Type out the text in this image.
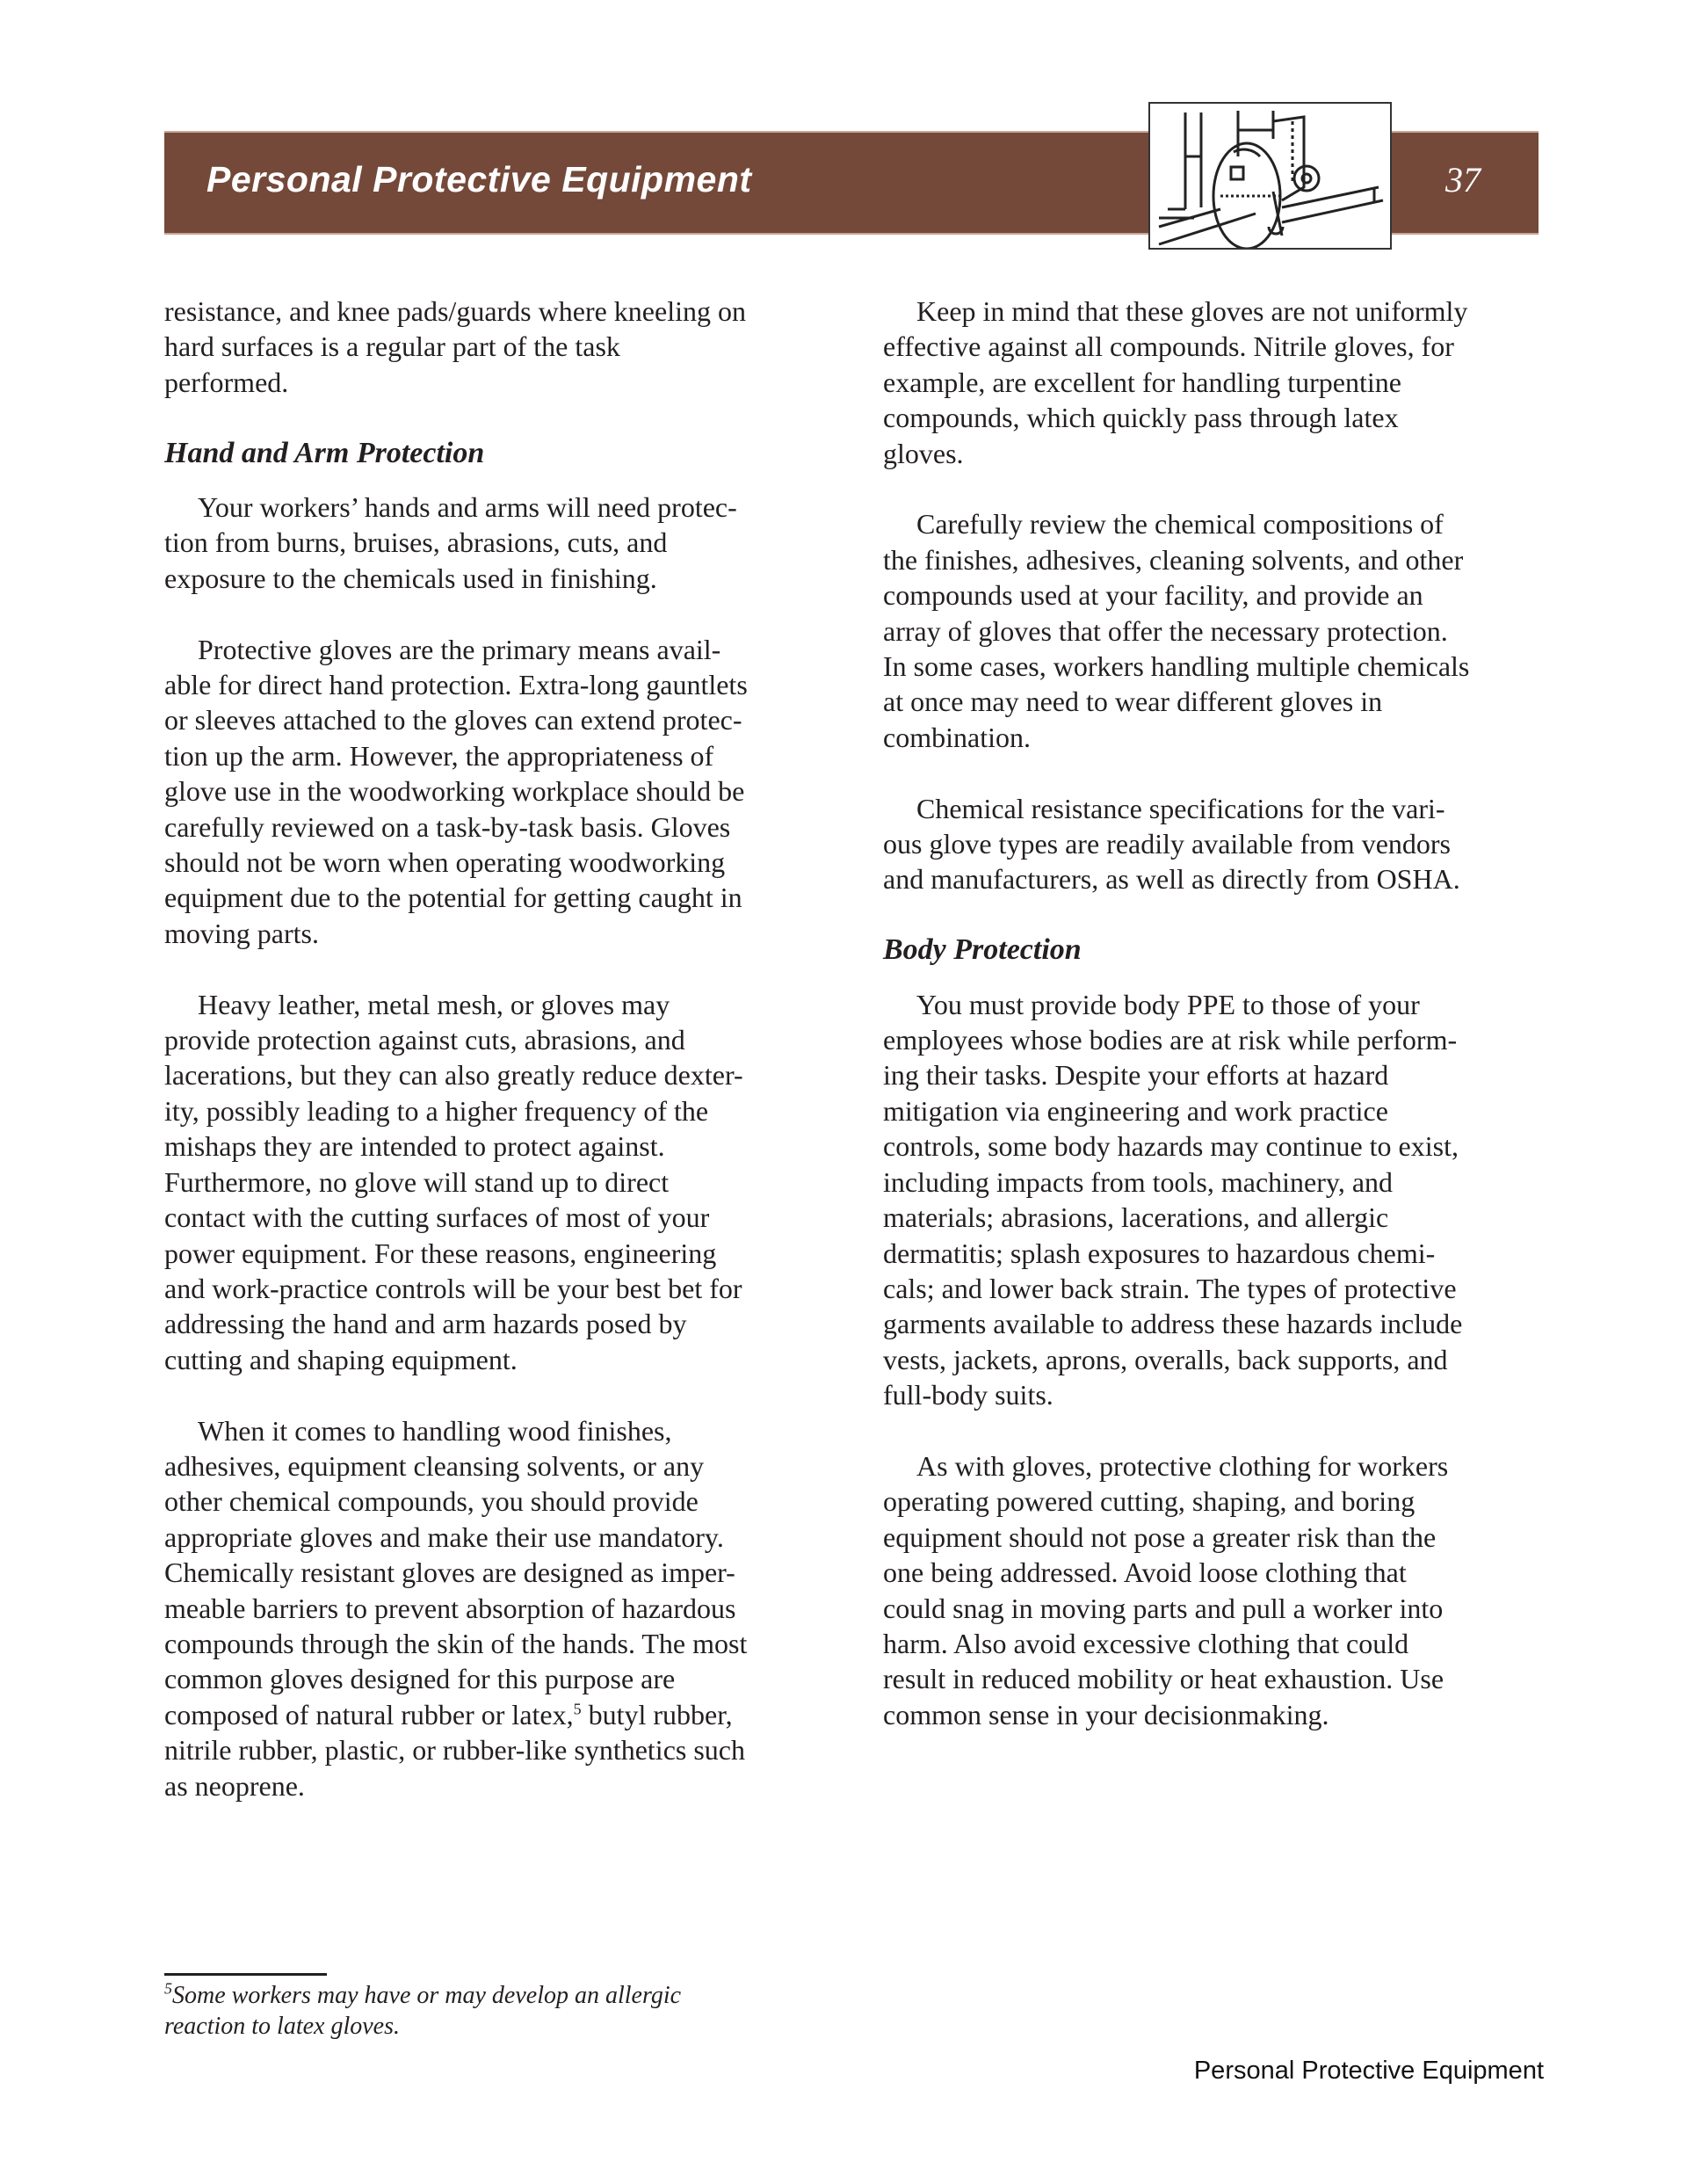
Personal Protective Equipment	37
resistance, and knee pads/guards where kneeling on
hard surfaces is a regular part of the task
performed.
Hand and Arm Protection
Your workers’ hands and arms will need protec-
tion from burns, bruises, abrasions, cuts, and
exposure to the chemicals used in finishing.
Protective gloves are the primary means avail-
able for direct hand protection. Extra-long gauntlets
or sleeves attached to the gloves can extend protec-
tion up the arm. However, the appropriateness of
glove use in the woodworking workplace should be
carefully reviewed on a task-by-task basis. Gloves
should not be worn when operating woodworking
equipment due to the potential for getting caught in
moving parts.
Heavy leather, metal mesh, or gloves may
provide protection against cuts, abrasions, and
lacerations, but they can also greatly reduce dexter-
ity, possibly leading to a higher frequency of the
mishaps they are intended to protect against.
Furthermore, no glove will stand up to direct
contact with the cutting surfaces of most of your
power equipment. For these reasons, engineering
and work-practice controls will be your best bet for
addressing the hand and arm hazards posed by
cutting and shaping equipment.
When it comes to handling wood finishes,
adhesives, equipment cleansing solvents, or any
other chemical compounds, you should provide
appropriate gloves and make their use mandatory.
Chemically resistant gloves are designed as imper-
meable barriers to prevent absorption of hazardous
compounds through the skin of the hands. The most
common gloves designed for this purpose are
composed of natural rubber or latex,$^5$ butyl rubber,
nitrile rubber, plastic, or rubber-like synthetics such
as neoprene.
Keep in mind that these gloves are not uniformly
effective against all compounds. Nitrile gloves, for
example, are excellent for handling turpentine
compounds, which quickly pass through latex
gloves.
Carefully review the chemical compositions of
the finishes, adhesives, cleaning solvents, and other
compounds used at your facility, and provide an
array of gloves that offer the necessary protection.
In some cases, workers handling multiple chemicals
at once may need to wear different gloves in
combination.
Chemical resistance specifications for the vari-
ous glove types are readily available from vendors
and manufacturers, as well as directly from OSHA.
Body Protection
You must provide body PPE to those of your
employees whose bodies are at risk while perform-
ing their tasks. Despite your efforts at hazard
mitigation via engineering and work practice
controls, some body hazards may continue to exist,
including impacts from tools, machinery, and
materials; abrasions, lacerations, and allergic
dermatitis; splash exposures to hazardous chemi-
cals; and lower back strain. The types of protective
garments available to address these hazards include
vests, jackets, aprons, overalls, back supports, and
full-body suits.
As with gloves, protective clothing for workers
operating powered cutting, shaping, and boring
equipment should not pose a greater risk than the
one being addressed. Avoid loose clothing that
could snag in moving parts and pull a worker into
harm. Also avoid excessive clothing that could
result in reduced mobility or heat exhaustion. Use
common sense in your decisionmaking.
$^5$Some workers may have or may develop an allergic
reaction to latex gloves.
Personal Protective Equipment
